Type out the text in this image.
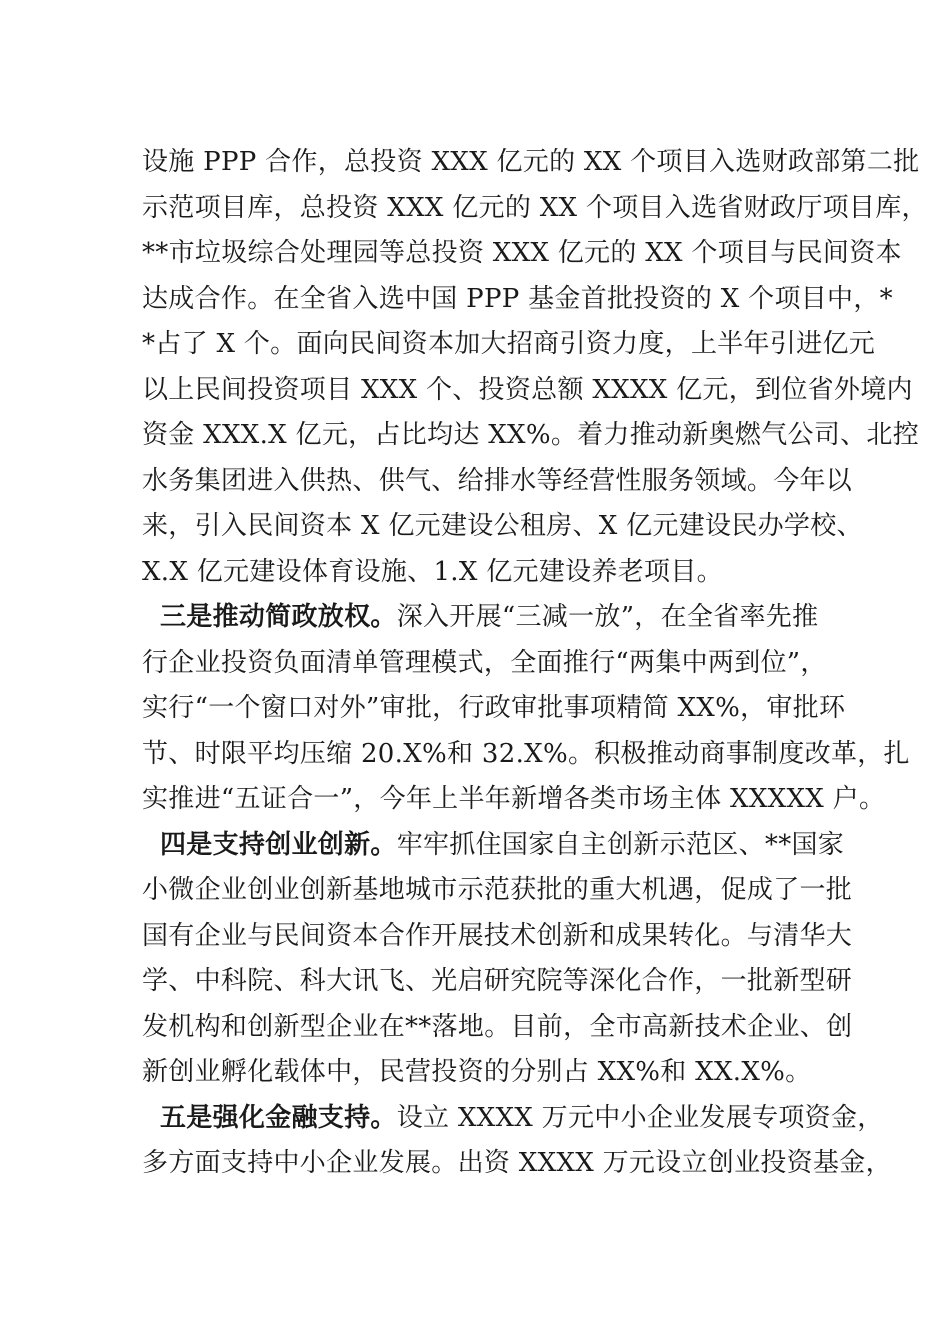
设施 PPP 合作，总投资 XXX 亿元的 XX 个项目入选财政部第二批
示范项目库，总投资 XXX 亿元的 XX 个项目入选省财政厅项目库，
**市垃圾综合处理园等总投资 XXX 亿元的 XX 个项目与民间资本
达成合作。在全省入选中国 PPP 基金首批投资的 X 个项目中，*
*占了 X 个。面向民间资本加大招商引资力度，上半年引进亿元
以上民间投资项目 XXX 个、投资总额 XXXX 亿元，到位省外境内
资金 XXX.X 亿元，占比均达 XX%。着力推动新奥燃气公司、北控
水务集团进入供热、供气、给排水等经营性服务领域。今年以
来，引入民间资本 X 亿元建设公租房、X 亿元建设民办学校、
X.X 亿元建设体育设施、1.X 亿元建设养老项目。
三是推动简政放权。深入开展“三减一放”，在全省率先推
行企业投资负面清单管理模式，全面推行“两集中两到位”，
实行“一个窗口对外”审批，行政审批事项精简 XX%，审批环
节、时限平均压缩 20.X%和 32.X%。积极推动商事制度改革，扎
实推进“五证合一”，今年上半年新增各类市场主体 XXXXX 户。
四是支持创业创新。牢牢抓住国家自主创新示范区、**国家
小微企业创业创新基地城市示范获批的重大机遇，促成了一批
国有企业与民间资本合作开展技术创新和成果转化。与清华大
学、中科院、科大讯飞、光启研究院等深化合作，一批新型研
发机构和创新型企业在**落地。目前，全市高新技术企业、创
新创业孵化载体中，民营投资的分别占 XX%和 XX.X%。
五是强化金融支持。设立 XXXX 万元中小企业发展专项资金，
多方面支持中小企业发展。出资 XXXX 万元设立创业投资基金，
